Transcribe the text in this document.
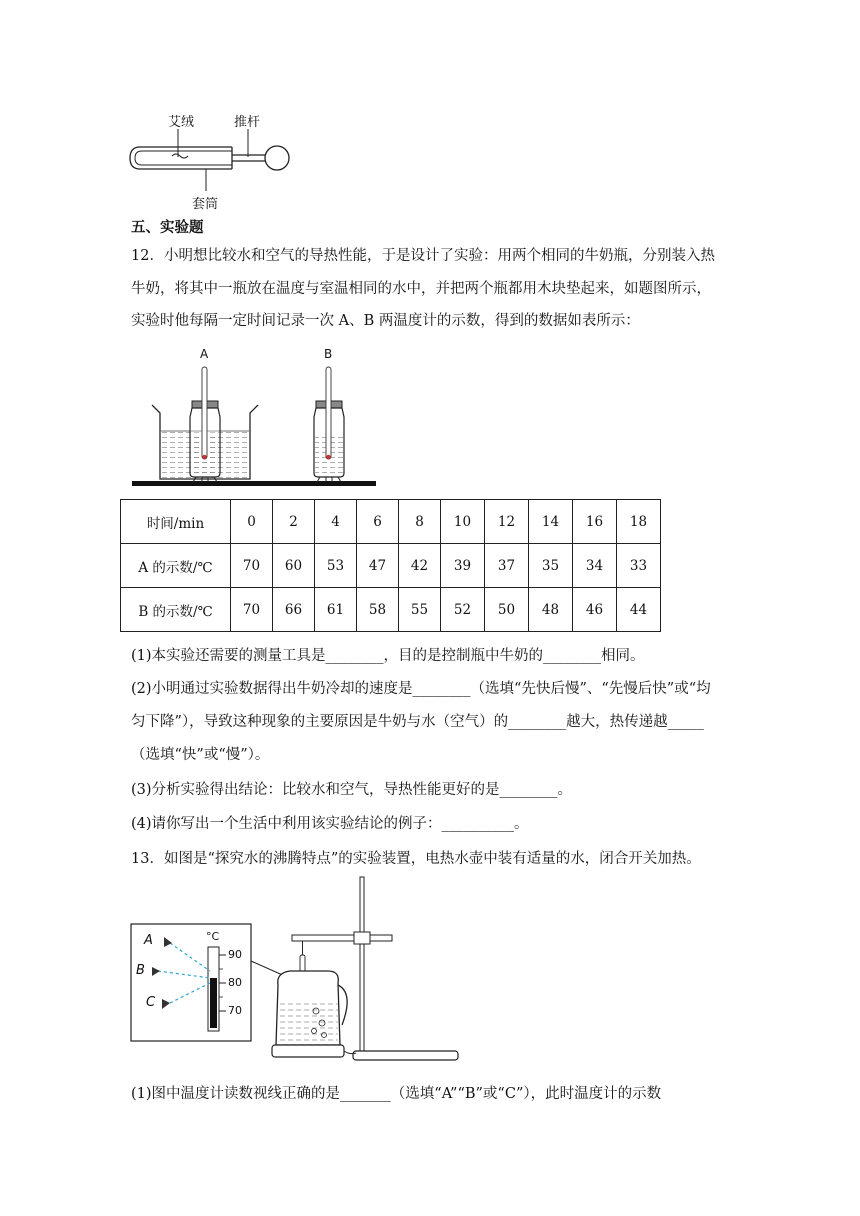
艾绒	推杆
套筒
五、实验题
12．小明想比较水和空气的导热性能，于是设计了实验：用两个相同的牛奶瓶，分别装入热
牛奶，将其中一瓶放在温度与室温相同的水中，并把两个瓶都用木块垫起来，如题图所示，
实验时他每隔一定时间记录一次 A、B 两温度计的示数，得到的数据如表所示：
A	B
时间/min	0	2	4	6	8	10	12	14	16	18
A 的示数/℃	70	60	53	47	42	39	37	35	34	33
B 的示数/℃	70	66	61	58	55	52	50	48	46	44
(1)本实验还需要的测量工具是________，目的是控制瓶中牛奶的________相同。
(2)小明通过实验数据得出牛奶冷却的速度是________（选填“先快后慢”、“先慢后快”或“均
匀下降”），导致这种现象的主要原因是牛奶与水（空气）的________越大，热传递越_____
（选填“快”或“慢”）。
(3)分析实验得出结论：比较水和空气，导热性能更好的是________。
(4)请你写出一个生活中利用该实验结论的例子：__________。
13．如图是“探究水的沸腾特点”的实验装置，电热水壶中装有适量的水，闭合开关加热。
A
B
C
°C
90
80
70
(1)图中温度计读数视线正确的是_______（选填“A”“B”或“C”），此时温度计的示数
